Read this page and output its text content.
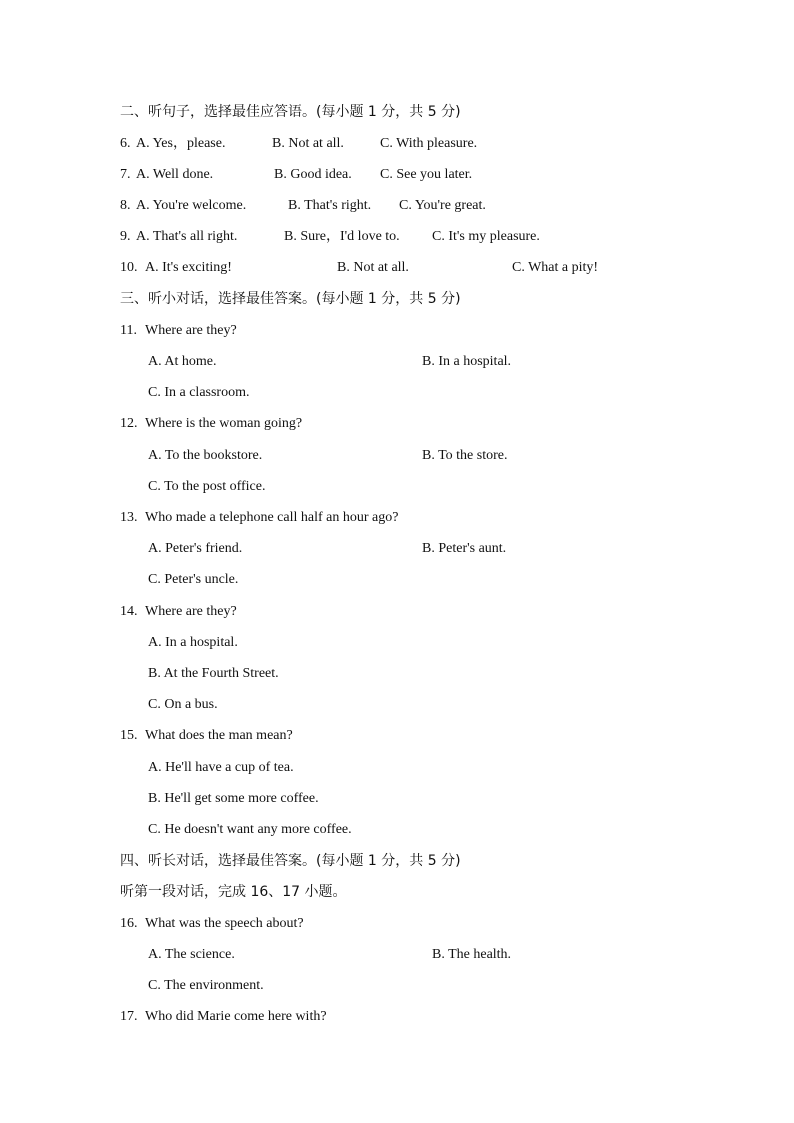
二、听句子，选择最佳应答语。(每小题 1 分，共 5 分)
6. A. Yes，please.	B. Not at all.	C. With pleasure.
7. A. Well done.	B. Good idea. C. See you later.
8. A. You're welcome.	B. That's right. C. You're great.
9. A. That's all right.	B. Sure，I'd love to. C. It's my pleasure.
10. A. It's exciting!	B. Not at all.	C. What a pity!
三、听小对话，选择最佳答案。(每小题 1 分，共 5 分)
11. Where are they?
A. At home.	B. In a hospital.
C. In a classroom.
12. Where is the woman going?
A. To the bookstore.	B. To the store.
C. To the post office.
13. Who made a telephone call half an hour ago?
A. Peter's friend.	B. Peter's aunt.
C. Peter's uncle.
14. Where are they?
A. In a hospital.
B. At the Fourth Street.
C. On a bus.
15. What does the man mean?
A. He'll have a cup of tea.
B. He'll get some more coffee.
C. He doesn't want any more coffee.
四、听长对话，选择最佳答案。(每小题 1 分，共 5 分)
听第一段对话，完成 16、17 小题。
16. What was the speech about?
A. The science.	B. The health.
C. The environment.
17. Who did Marie come here with?
